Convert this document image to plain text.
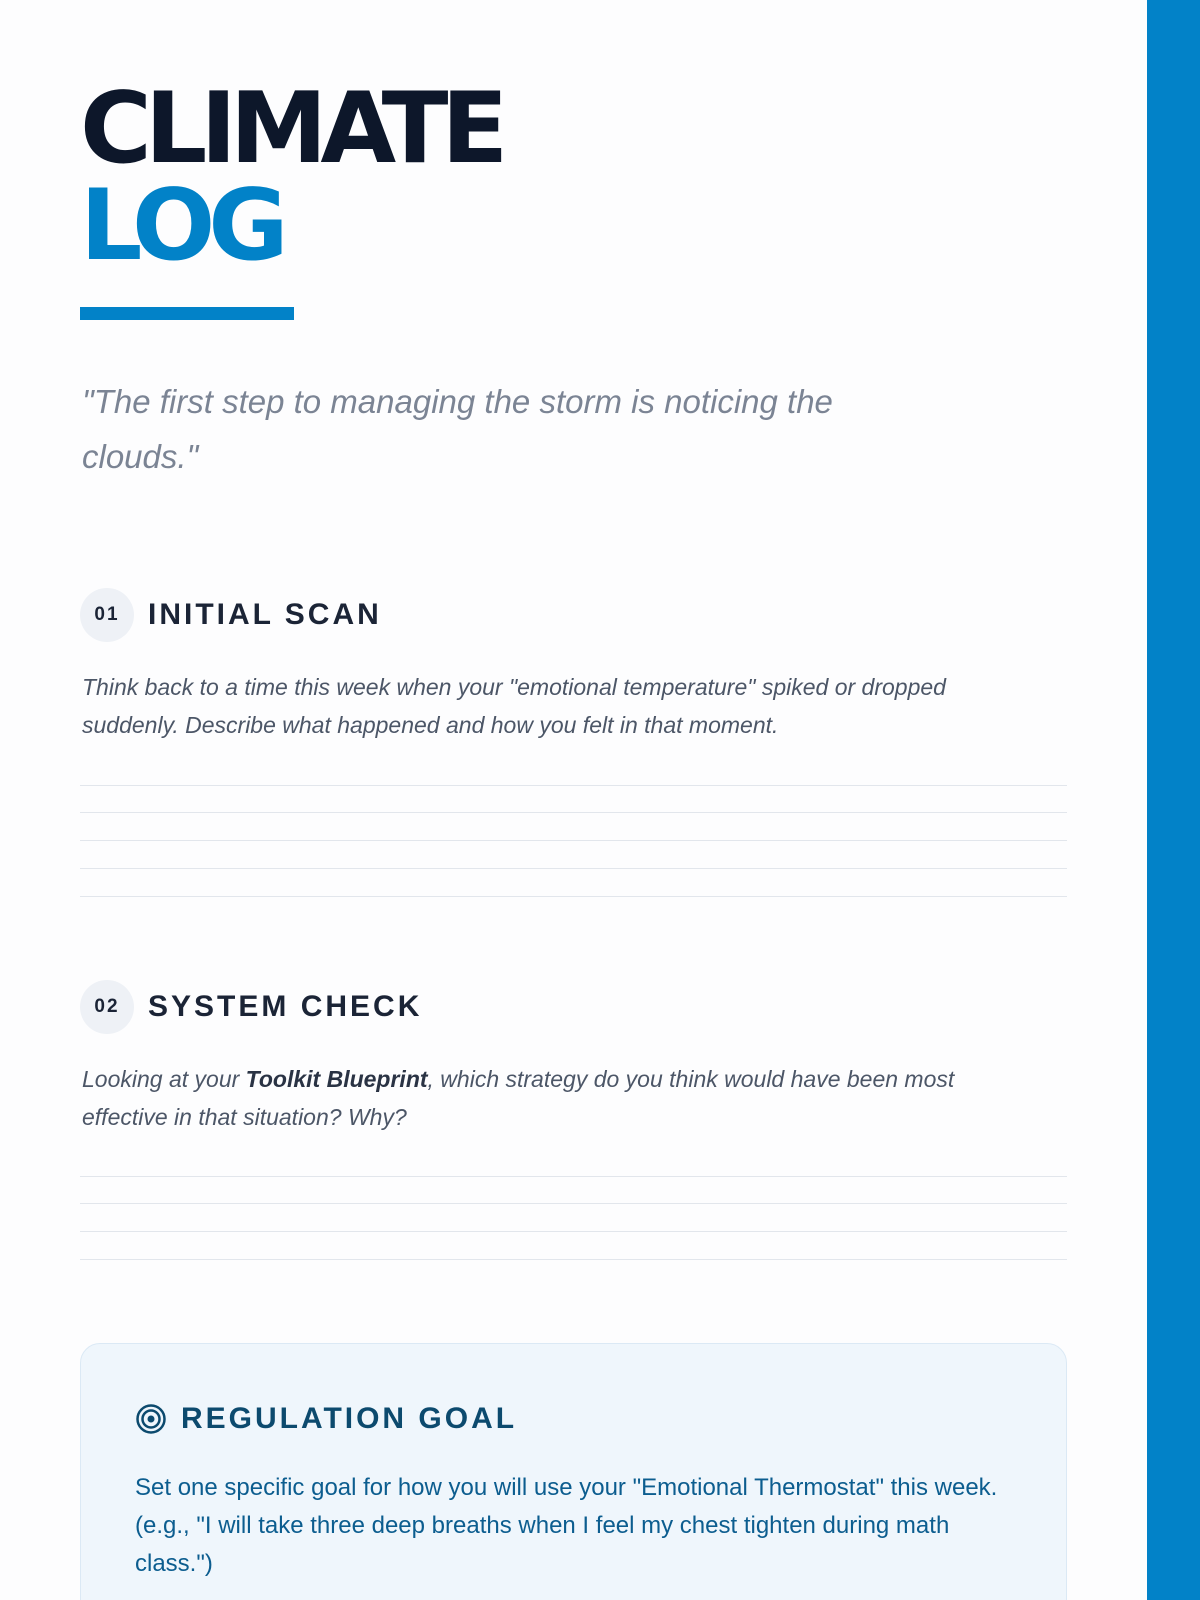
CLIMATE
LOG
"The first step to managing the storm is noticing the clouds."
01 INITIAL SCAN
Think back to a time this week when your "emotional temperature" spiked or dropped suddenly. Describe what happened and how you felt in that moment.
02 SYSTEM CHECK
Looking at your Toolkit Blueprint, which strategy do you think would have been most effective in that situation? Why?
REGULATION GOAL
Set one specific goal for how you will use your "Emotional Thermostat" this week. (e.g., "I will take three deep breaths when I feel my chest tighten during math class.")
